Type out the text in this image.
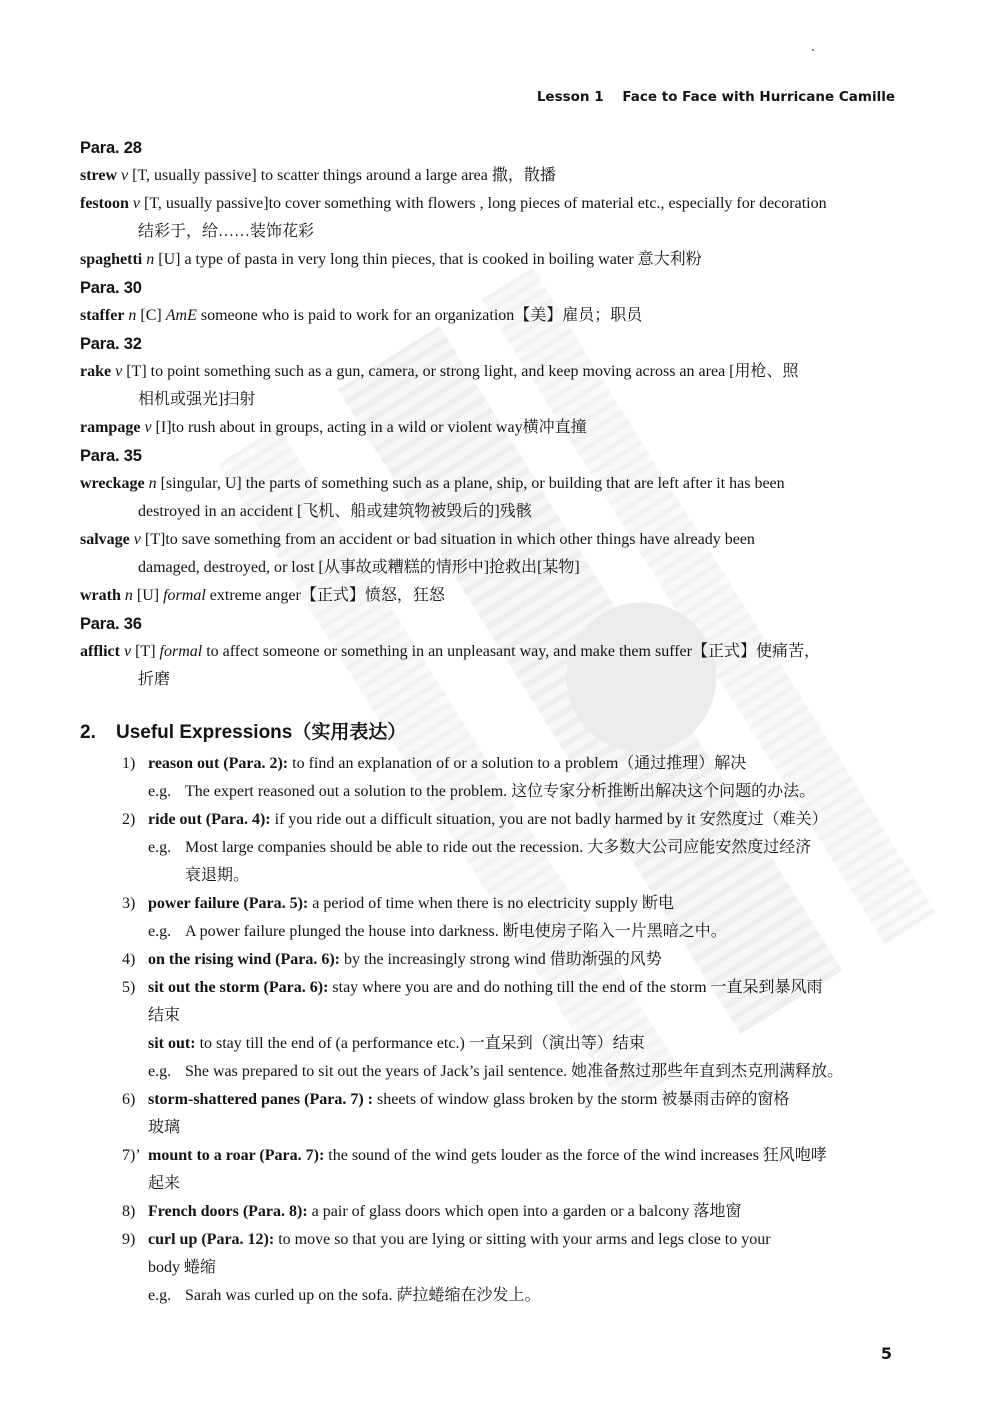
Lesson 1 Face to Face with Hurricane Camille
Para. 28
strew v [T, usually passive] to scatter things around a large area 撒，散播
festoon v [T, usually passive]to cover something with flowers , long pieces of material etc., especially for decoration
结彩于，给……装饰花彩
spaghetti n [U] a type of pasta in very long thin pieces, that is cooked in boiling water 意大利粉
Para. 30
staffer n [C] AmE someone who is paid to work for an organization【美】雇员；职员
Para. 32
rake v [T] to point something such as a gun, camera, or strong light, and keep moving across an area [用枪、照
相机或强光]扫射
rampage v [I]to rush about in groups, acting in a wild or violent way横冲直撞
Para. 35
wreckage n [singular, U] the parts of something such as a plane, ship, or building that are left after it has been
destroyed in an accident [飞机、船或建筑物被毁后的]残骸
salvage v [T]to save something from an accident or bad situation in which other things have already been
damaged, destroyed, or lost [从事故或糟糕的情形中]抢救出[某物]
wrath n [U] formal extreme anger【正式】愤怒，狂怒
Para. 36
afflict v [T] formal to affect someone or something in an unpleasant way, and make them suffer【正式】使痛苦，
折磨
2. Useful Expressions（实用表达）
1) reason out (Para. 2): to find an explanation of or a solution to a problem（通过推理）解决
e.g. The expert reasoned out a solution to the problem. 这位专家分析推断出解决这个问题的办法。
2) ride out (Para. 4): if you ride out a difficult situation, you are not badly harmed by it 安然度过（难关）
e.g. Most large companies should be able to ride out the recession. 大多数大公司应能安然度过经济
衰退期。
3) power failure (Para. 5): a period of time when there is no electricity supply 断电
e.g. A power failure plunged the house into darkness. 断电使房子陷入一片黑暗之中。
4) on the rising wind (Para. 6): by the increasingly strong wind 借助渐强的风势
5) sit out the storm (Para. 6): stay where you are and do nothing till the end of the storm 一直呆到暴风雨
结束
sit out: to stay till the end of (a performance etc.) 一直呆到（演出等）结束
e.g. She was prepared to sit out the years of Jack’s jail sentence. 她准备熬过那些年直到杰克刑满释放。
6) storm-shattered panes (Para. 7) : sheets of window glass broken by the storm 被暴雨击碎的窗格
玻璃
7)’ mount to a roar (Para. 7): the sound of the wind gets louder as the force of the wind increases 狂风咆哮
起来
8) French doors (Para. 8): a pair of glass doors which open into a garden or a balcony 落地窗
9) curl up (Para. 12): to move so that you are lying or sitting with your arms and legs close to your
body 蜷缩
e.g. Sarah was curled up on the sofa. 萨拉蜷缩在沙发上。
5
